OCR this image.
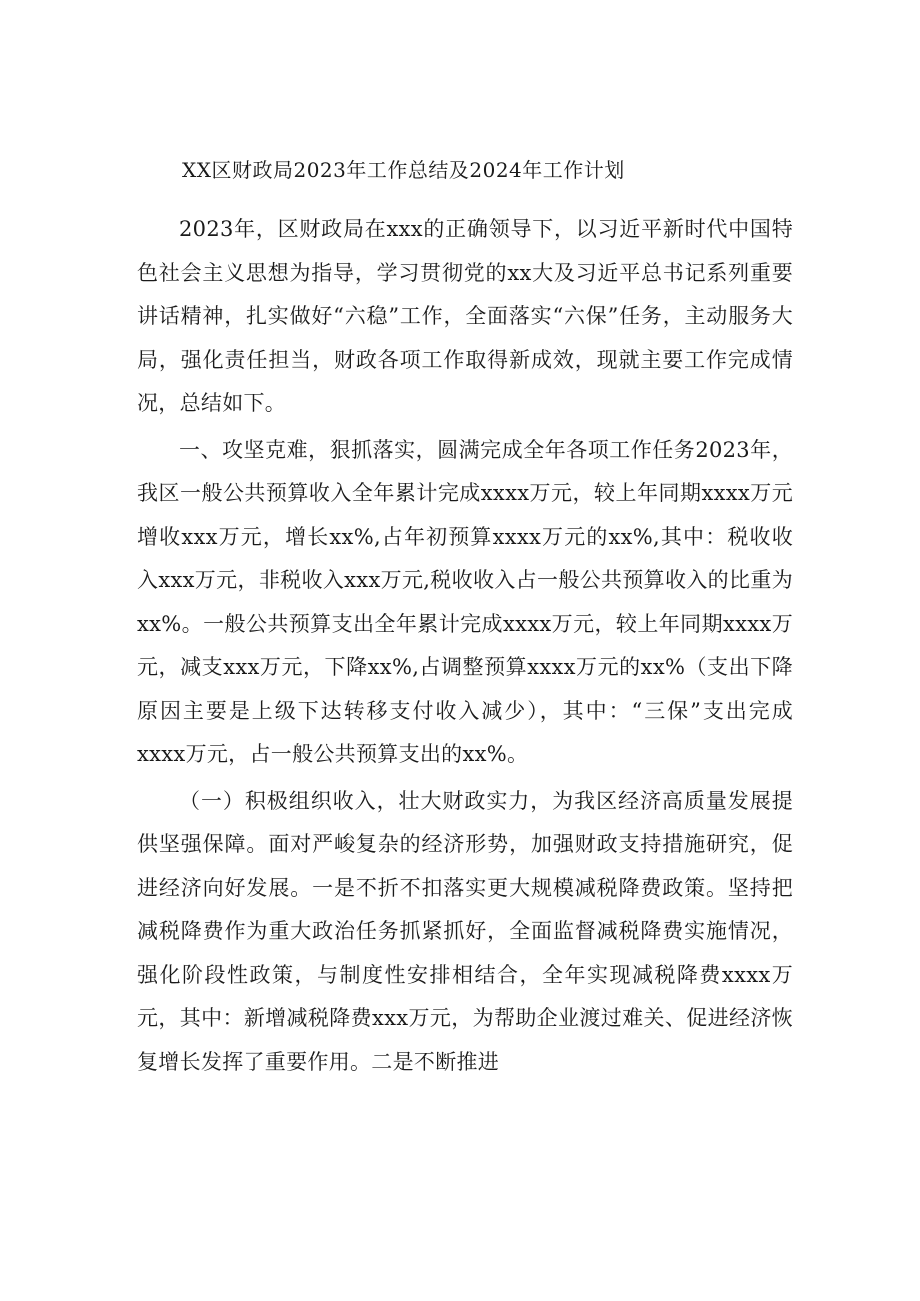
XX区财政局2023年工作总结及2024年工作计划

2023年，区财政局在xxx的正确领导下，以习近平新时代中国特色社会主义思想为指导，学习贯彻党的xx大及习近平总书记系列重要讲话精神，扎实做好“六稳”工作，全面落实“六保”任务，主动服务大局，强化责任担当，财政各项工作取得新成效，现就主要工作完成情况，总结如下。

一、攻坚克难，狠抓落实，圆满完成全年各项工作任务2023年，我区一般公共预算收入全年累计完成xxxx万元，较上年同期xxxx万元增收xxx万元，增长xx%,占年初预算xxxx万元的xx%,其中：税收收入xxx万元，非税收入xxx万元,税收收入占一般公共预算收入的比重为xx%。一般公共预算支出全年累计完成xxxx万元，较上年同期xxxx万元，减支xxx万元，下降xx%,占调整预算xxxx万元的xx%（支出下降原因主要是上级下达转移支付收入减少），其中：“三保”支出完成xxxx万元，占一般公共预算支出的xx%。

（一）积极组织收入，壮大财政实力，为我区经济高质量发展提供坚强保障。面对严峻复杂的经济形势，加强财政支持措施研究，促进经济向好发展。一是不折不扣落实更大规模减税降费政策。坚持把减税降费作为重大政治任务抓紧抓好，全面监督减税降费实施情况，强化阶段性政策，与制度性安排相结合，全年实现减税降费xxxx万元，其中：新增减税降费xxx万元，为帮助企业渡过难关、促进经济恢复增长发挥了重要作用。二是不断推进
